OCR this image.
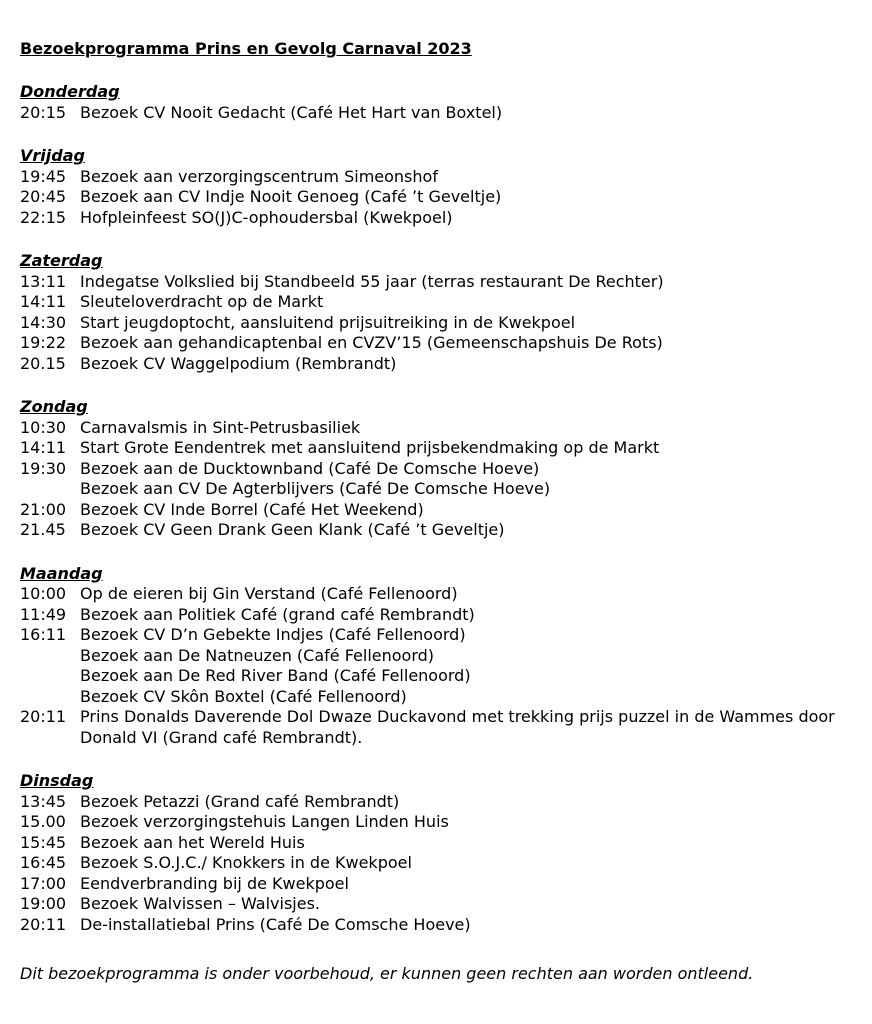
Bezoekprogramma Prins en Gevolg Carnaval 2023
Donderdag
20:15 Bezoek CV Nooit Gedacht (Café Het Hart van Boxtel)
Vrijdag
19:45 Bezoek aan verzorgingscentrum Simeonshof
20:45 Bezoek aan CV Indje Nooit Genoeg (Café ’t Geveltje)
22:15 Hofpleinfeest SO(J)C-ophoudersbal (Kwekpoel)
Zaterdag
13:11 Indegatse Volkslied bij Standbeeld 55 jaar (terras restaurant De Rechter)
14:11 Sleuteloverdracht op de Markt
14:30 Start jeugdoptocht, aansluitend prijsuitreiking in de Kwekpoel
19:22 Bezoek aan gehandicaptenbal en CVZV’15 (Gemeenschapshuis De Rots)
20.15 Bezoek CV Waggelpodium (Rembrandt)
Zondag
10:30 Carnavalsmis in Sint-Petrusbasiliek
14:11 Start Grote Eendentrek met aansluitend prijsbekendmaking op de Markt
19:30 Bezoek aan de Ducktownband (Café De Comsche Hoeve)
Bezoek aan CV De Agterblijvers (Café De Comsche Hoeve)
21:00 Bezoek CV Inde Borrel (Café Het Weekend)
21.45 Bezoek CV Geen Drank Geen Klank (Café ’t Geveltje)
Maandag
10:00 Op de eieren bij Gin Verstand (Café Fellenoord)
11:49 Bezoek aan Politiek Café (grand café Rembrandt)
16:11 Bezoek CV D’n Gebekte Indjes (Café Fellenoord)
Bezoek aan De Natneuzen (Café Fellenoord)
Bezoek aan De Red River Band (Café Fellenoord)
Bezoek CV Skôn Boxtel (Café Fellenoord)
20:11 Prins Donalds Daverende Dol Dwaze Duckavond met trekking prijs puzzel in de Wammes door Donald VI (Grand café Rembrandt).
Dinsdag
13:45 Bezoek Petazzi (Grand café Rembrandt)
15.00 Bezoek verzorgingstehuis Langen Linden Huis
15:45 Bezoek aan het Wereld Huis
16:45 Bezoek S.O.J.C./ Knokkers in de Kwekpoel
17:00 Eendverbranding bij de Kwekpoel
19:00 Bezoek Walvissen – Walvisjes.
20:11 De-installatiebal Prins (Café De Comsche Hoeve)
Dit bezoekprogramma is onder voorbehoud, er kunnen geen rechten aan worden ontleend.
